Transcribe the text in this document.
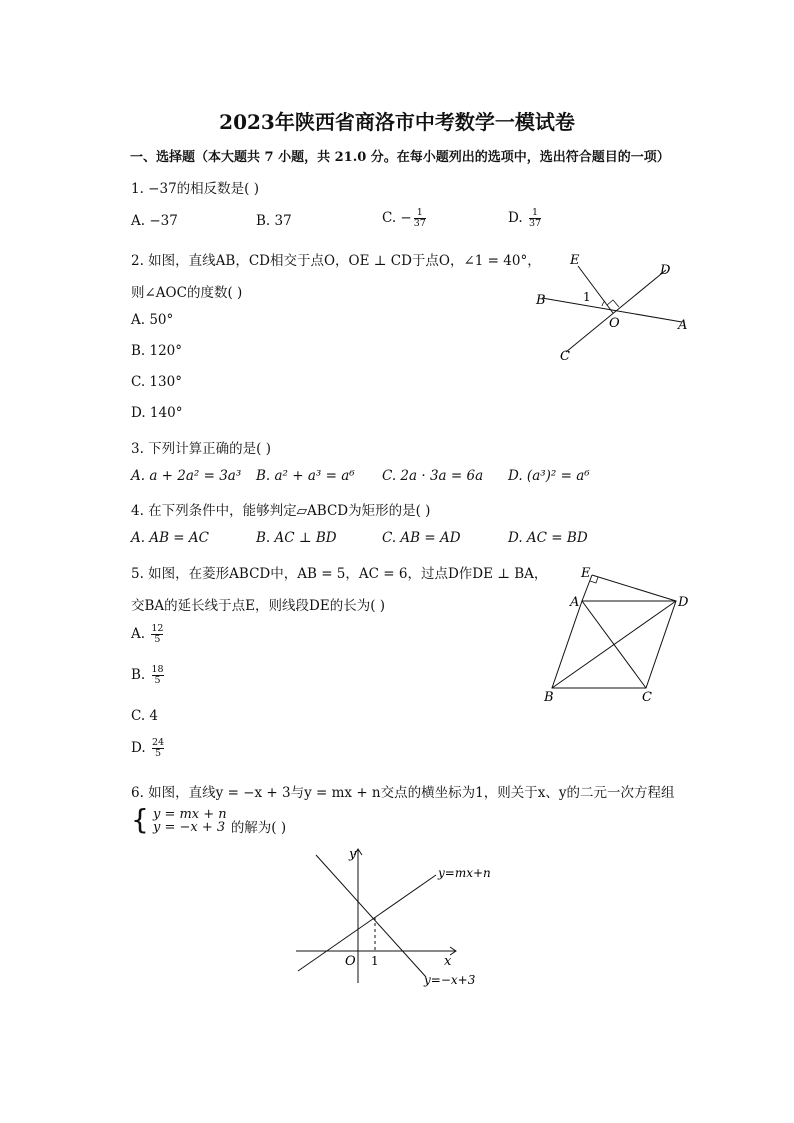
2023年陕西省商洛市中考数学一模试卷
一、选择题（本大题共 7 小题，共 21.0 分。在每小题列出的选项中，选出符合题目的一项）
1. −37的相反数是( )
A. −37	B. 37	C. − $\frac{1}{37}$	D. $\frac{1}{37}$
2. 如图，直线AB，CD相交于点O，OE ⊥ CD于点O，∠1 = 40°，
则∠AOC的度数( )
A. 50°
B. 120°
C. 130°
D. 140°
E
D
B	1
O	A
C
3. 下列计算正确的是( )
A. a + 2a² = 3a³ B. a² + a³ = a⁶ C. 2a · 3a = 6a D. (a³)² = a⁶
4. 在下列条件中，能够判定▱ABCD为矩形的是( )
A. AB = AC	B. AC ⊥ BD	C. AB = AD	D. AC = BD
5. 如图，在菱形ABCD中，AB = 5，AC = 6，过点D作DE ⊥ BA，
交BA的延长线于点E，则线段DE的长为( )
A. $\frac{12}{5}$
B. $\frac{18}{5}$
C. 4
D. $\frac{24}{5}$
E
A	D
B	C
6. 如图，直线y = −x + 3与y = mx + n交点的横坐标为1，则关于x、y的二元一次方程组
{ y = mx + n
y = −x + 3 的解为( )
y
x
O 1
y=mx+n
y=−x+3
